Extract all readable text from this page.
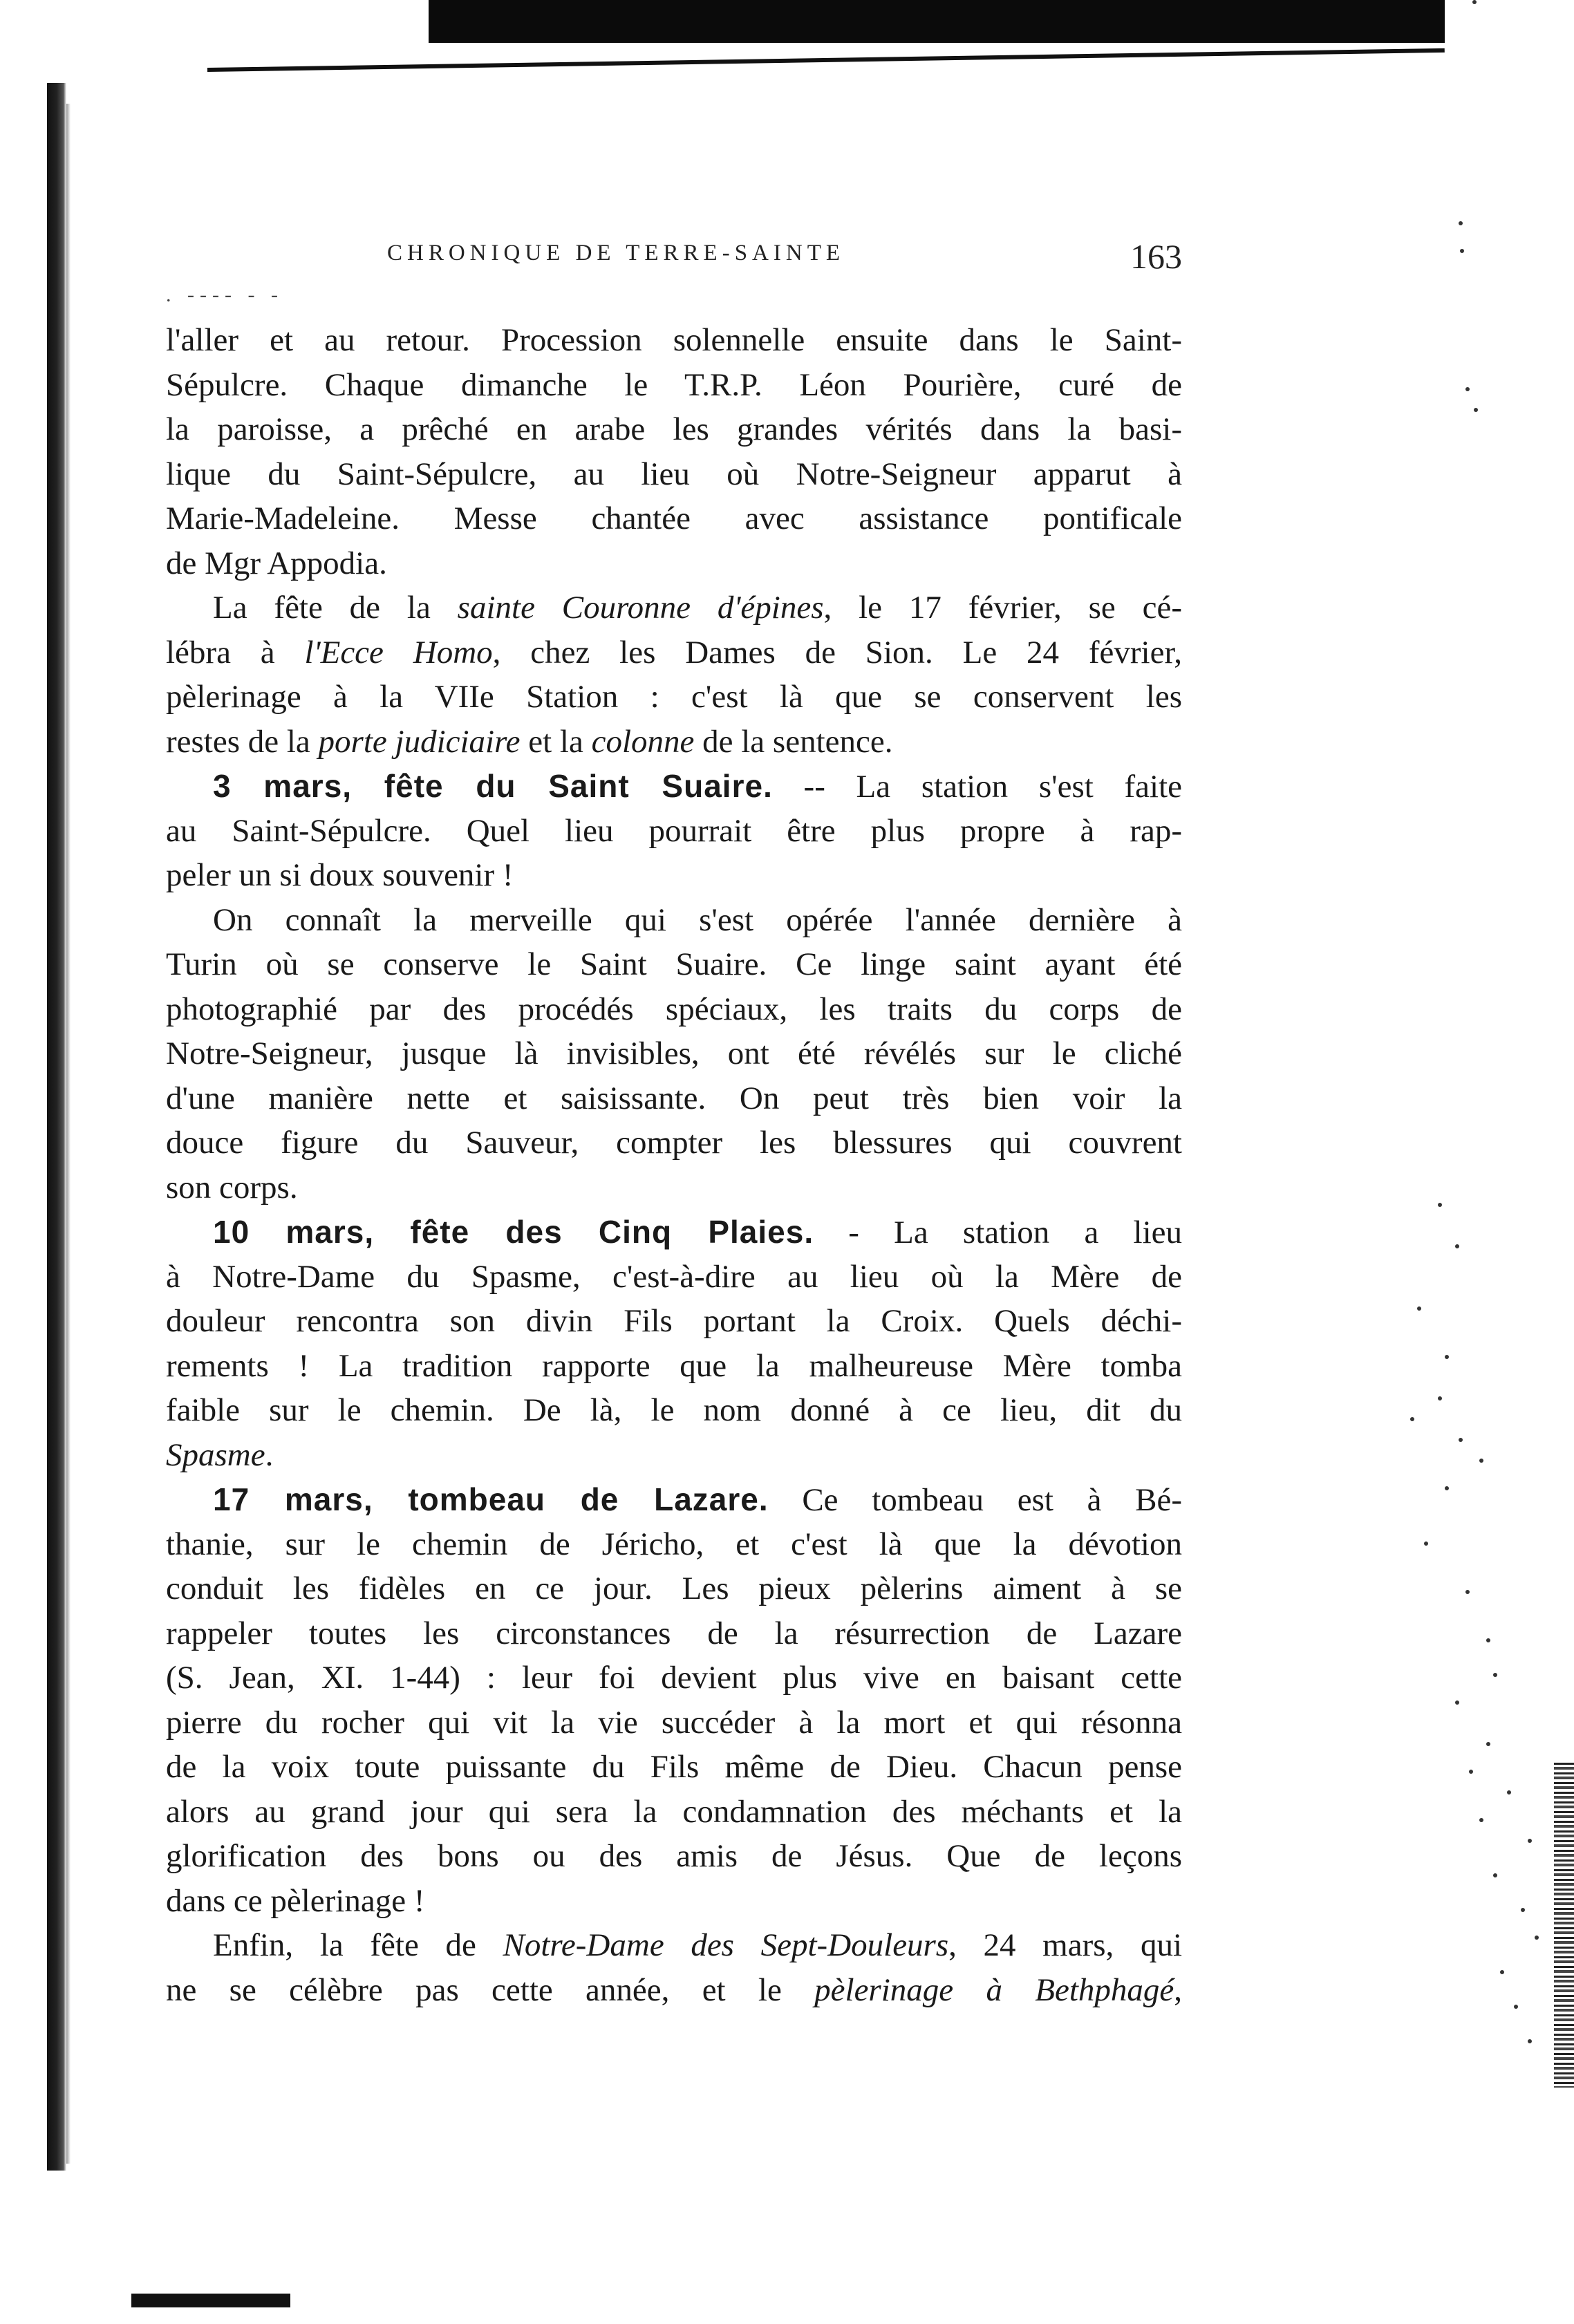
CHRONIQUE DE TERRE-SAINTE	163
. ---- - -
l'aller et au retour. Procession solennelle ensuite dans le Saint-
Sépulcre. Chaque dimanche le T.R.P. Léon Pourière, curé de
la paroisse, a prêché en arabe les grandes vérités dans la basi-
lique du Saint-Sépulcre, au lieu où Notre-Seigneur apparut à
Marie-Madeleine. Messe chantée avec assistance pontificale
de Mgr Appodia.
La fête de la sainte Couronne d'épines, le 17 février, se cé-
lébra à l'Ecce Homo, chez les Dames de Sion. Le 24 février,
pèlerinage à la VIIe Station : c'est là que se conservent les
restes de la porte judiciaire et la colonne de la sentence.
3 mars, fête du Saint Suaire. -- La station s'est faite
au Saint-Sépulcre. Quel lieu pourrait être plus propre à rap-
peler un si doux souvenir !
On connaît la merveille qui s'est opérée l'année dernière à
Turin où se conserve le Saint Suaire. Ce linge saint ayant été
photographié par des procédés spéciaux, les traits du corps de
Notre-Seigneur, jusque là invisibles, ont été révélés sur le cliché
d'une manière nette et saisissante. On peut très bien voir la
douce figure du Sauveur, compter les blessures qui couvrent
son corps.
10 mars, fête des Cinq Plaies. - La station a lieu
à Notre-Dame du Spasme, c'est-à-dire au lieu où la Mère de
douleur rencontra son divin Fils portant la Croix. Quels déchi-
rements ! La tradition rapporte que la malheureuse Mère tomba
faible sur le chemin. De là, le nom donné à ce lieu, dit du
Spasme.
17 mars, tombeau de Lazare. Ce tombeau est à Bé-
thanie, sur le chemin de Jéricho, et c'est là que la dévotion
conduit les fidèles en ce jour. Les pieux pèlerins aiment à se
rappeler toutes les circonstances de la résurrection de Lazare
(S. Jean, XI. 1-44) : leur foi devient plus vive en baisant cette
pierre du rocher qui vit la vie succéder à la mort et qui résonna
de la voix toute puissante du Fils même de Dieu. Chacun pense
alors au grand jour qui sera la condamnation des méchants et la
glorification des bons ou des amis de Jésus. Que de leçons
dans ce pèlerinage !
Enfin, la fête de Notre-Dame des Sept-Douleurs, 24 mars, qui
ne se célèbre pas cette année, et le pèlerinage à Bethphagé,
